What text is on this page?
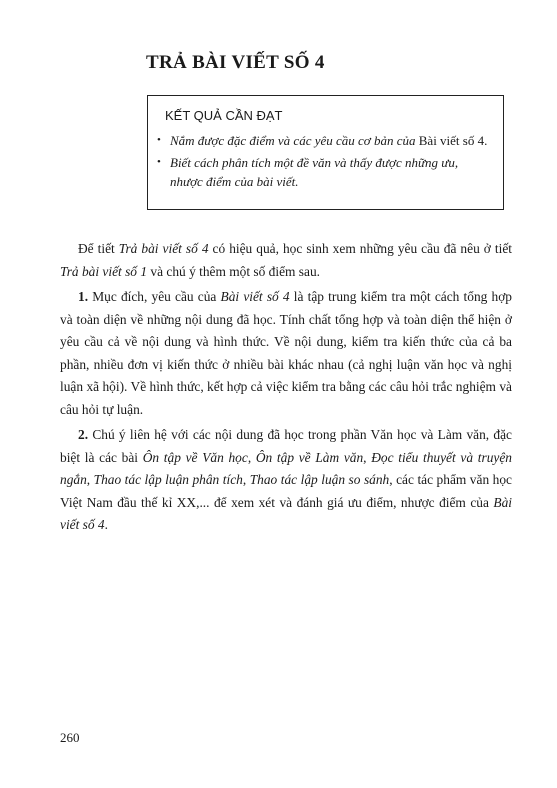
TRẢ BÀI VIẾT SỐ 4
KẾT QUẢ CẦN ĐẠT
• Nắm được đặc điểm và các yêu cầu cơ bản của Bài viết số 4.
• Biết cách phân tích một đề văn và thấy được những ưu, nhược điểm của bài viết.

Để tiết Trả bài viết số 4 có hiệu quả, học sinh xem những yêu cầu đã nêu ở tiết Trả bài viết số 1 và chú ý thêm một số điểm sau.

1. Mục đích, yêu cầu của Bài viết số 4 là tập trung kiểm tra một cách tổng hợp và toàn diện về những nội dung đã học. Tính chất tổng hợp và toàn diện thể hiện ở yêu cầu cả về nội dung và hình thức. Về nội dung, kiểm tra kiến thức của cả ba phần, nhiều đơn vị kiến thức ở nhiều bài khác nhau (cả nghị luận văn học và nghị luận xã hội). Về hình thức, kết hợp cả việc kiểm tra bằng các câu hỏi trắc nghiệm và câu hỏi tự luận.

2. Chú ý liên hệ với các nội dung đã học trong phần Văn học và Làm văn, đặc biệt là các bài Ôn tập về Văn học, Ôn tập về Làm văn, Đọc tiểu thuyết và truyện ngắn, Thao tác lập luận phân tích, Thao tác lập luận so sánh, các tác phẩm văn học Việt Nam đầu thế kỉ XX,... để xem xét và đánh giá ưu điểm, nhược điểm của Bài viết số 4.

260
